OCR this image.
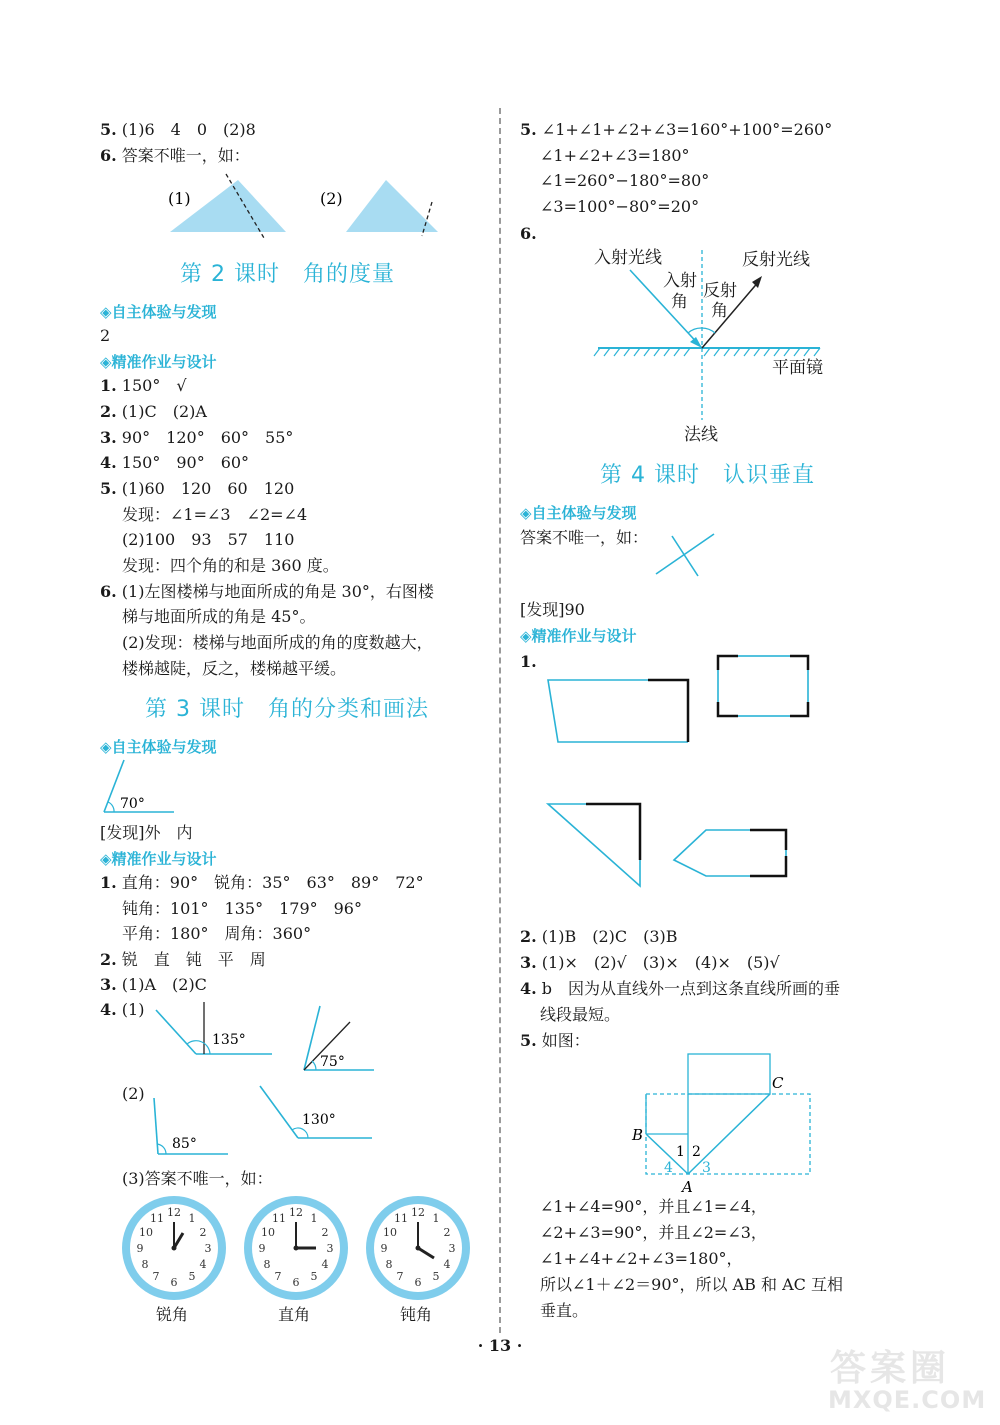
5. (1)6　4　0　(2)8
6. 答案不唯一，如：
(1)	(2)
第 2 课时　角的度量
◈自主体验与发现
2
◈精准作业与设计
1. 150°　√
2. (1)C　(2)A
3. 90°　120°　60°　55°
4. 150°　90°　60°
5. (1)60　120　60　120
发现：∠1=∠3　∠2=∠4
(2)100　93　57　110
发现：四个角的和是 360 度。
6. (1)左图楼梯与地面所成的角是 30°，右图楼
梯与地面所成的角是 45°。
(2)发现：楼梯与地面所成的角的度数越大，
楼梯越陡，反之，楼梯越平缓。
第 3 课时　角的分类和画法
◈自主体验与发现
70°
[发现]外　内
◈精准作业与设计
1. 直角：90°　锐角：35°　63°　89°　72°
钝角：101°　135°　179°　96°
平角：180°　周角：360°
2. 锐　直　钝　平　周
3. (1)A　(2)C
4. (1)
135°
75°
(2)
85°
130°
(3)答案不唯一，如：
12 1
2
3
4
5
6
7
8
9
10
11	12 1
2
3
4
5
6
7
8
9
10
11	12 1
2
3
4
5
6
7
8
9
10
11
锐角	直角	钝角
5. ∠1+∠1+∠2+∠3=160°+100°=260°
∠1+∠2+∠3=180°
∠1=260°−180°=80°
∠3=100°−80°=20°
6.
入射光线	反射光线
入射
角
反射
角
平面镜
法线
第 4 课时　认识垂直
◈自主体验与发现
答案不唯一，如：
[发现]90
◈精准作业与设计
1.
2. (1)B　(2)C　(3)B
3. (1)×　(2)√　(3)×　(4)×　(5)√
4. b　因为从直线外一点到这条直线所画的垂
线段最短。
5. 如图：
B
C
A
1 2
3
4
∠1+∠4=90°，并且∠1=∠4，
∠2+∠3=90°，并且∠2=∠3，
∠1+∠4+∠2+∠3=180°，
所以∠1＋∠2＝90°，所以 AB 和 AC 互相
垂直。
· 13 ·
答案圈
MXQE.COM
